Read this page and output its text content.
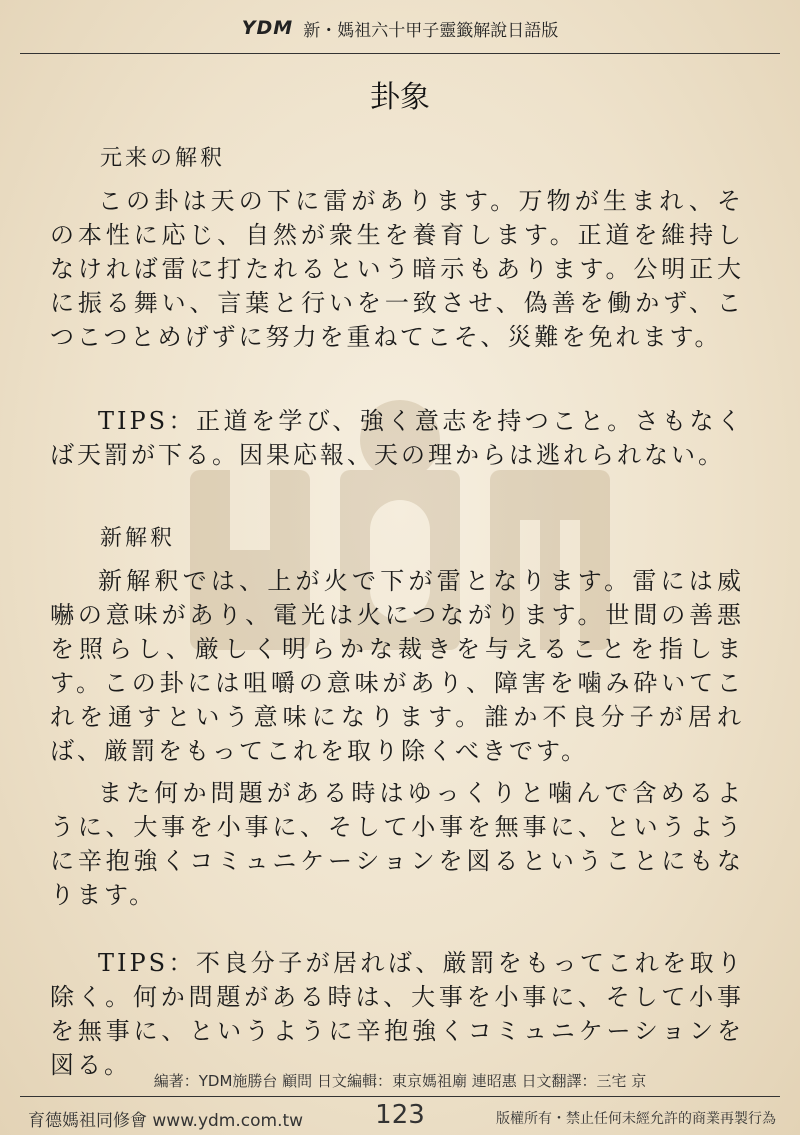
YDM 新・媽祖六十甲子靈籤解說日語版
卦象

元来の解釈

この卦は天の下に雷があります。万物が生まれ、その本性に応じ、自然が衆生を養育します。正道を維持しなければ雷に打たれるという暗示もあります。公明正大に振る舞い、言葉と行いを一致させ、偽善を働かず、こつこつとめげずに努力を重ねてこそ、災難を免れます。

TIPS：正道を学び、強く意志を持つこと。さもなくば天罰が下る。因果応報、天の理からは逃れられない。

新解釈

新解釈では、上が火で下が雷となります。雷には威嚇の意味があり、電光は火につながります。世間の善悪を照らし、厳しく明らかな裁きを与えることを指します。この卦には咀嚼の意味があり、障害を噛み砕いてこれを通すという意味になります。誰か不良分子が居れば、厳罰をもってこれを取り除くべきです。

また何か問題がある時はゆっくりと噛んで含めるように、大事を小事に、そして小事を無事に、というように辛抱強くコミュニケーションを図るということにもなります。

TIPS：不良分子が居れば、厳罰をもってこれを取り除く。何か問題がある時は、大事を小事に、そして小事を無事に、というように辛抱強くコミュニケーションを図る。

編著：YDM施勝台 顧問 日文編輯：東京媽祖廟 連昭惠 日文翻譯：三宅 京
育德媽祖同修會 www.ydm.com.tw	123	版權所有・禁止任何未經允許的商業再製行為
